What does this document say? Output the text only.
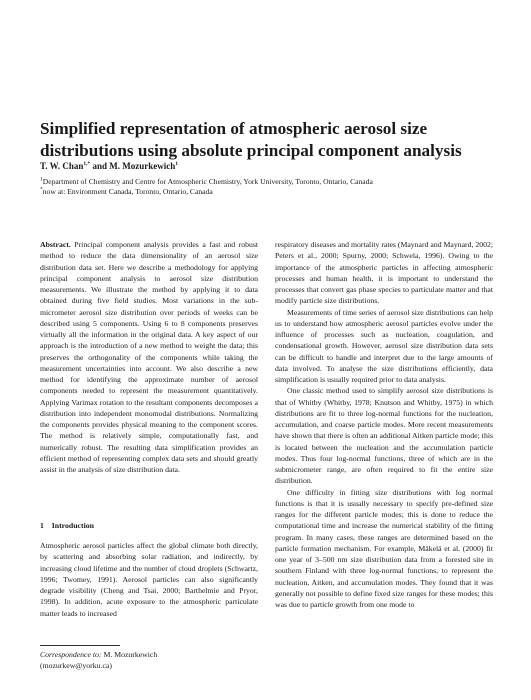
Simplified representation of atmospheric aerosol size distributions using absolute principal component analysis
T. W. Chan$^{1,*}$ and M. Mozurkewich$^1$
$^1$Department of Chemistry and Centre for Atmospheric Chemistry, York University, Toronto, Ontario, Canada
*now at: Environment Canada, Toronto, Ontario, Canada

Abstract. Principal component analysis provides a fast and robust method to reduce the data dimensionality of an aerosol size distribution data set. Here we describe a methodology for applying principal component analysis to aerosol size distribution measurements. We illustrate the method by applying it to data obtained during five field studies. Most variations in the sub-micrometer aerosol size distribution over periods of weeks can be described using 5 components. Using 6 to 8 components preserves virtually all the information in the original data. A key aspect of our approach is the introduction of a new method to weight the data; this preserves the orthogonality of the components while taking the measurement uncertainties into account. We also describe a new method for identifying the approximate number of aerosol components needed to represent the measurement quantitatively. Applying Varimax rotation to the resultant components decomposes a distribution into independent monomodal distributions. Normalizing the components provides physical meaning to the component scores. The method is relatively simple, computationally fast, and numerically robust. The resulting data simplification provides an efficient method of representing complex data sets and should greatly assist in the analysis of size distribution data.

1 Introduction

Atmospheric aerosol particles affect the global climate both directly, by scattering and absorbing solar radiation, and indirectly, by increasing cloud lifetime and the number of cloud droplets (Schwartz, 1996; Twomey, 1991). Aerosol particles can also significantly degrade visibility (Cheng and Tsai, 2000; Barthelmie and Pryor, 1998). In addition, acute exposure to the atmospheric particulate matter leads to increased

respiratory diseases and mortality rates (Maynard and Maynard, 2002; Peters et al., 2000; Spurny, 2000; Schwela, 1996). Owing to the importance of the atmospheric particles in affecting atmospheric processes and human health, it is important to understand the processes that convert gas phase species to particulate matter and that modify particle size distributions.

Measurements of time series of aerosol size distributions can help us to understand how atmospheric aerosol particles evolve under the influence of processes such as nucleation, coagulation, and condensational growth. However, aerosol size distribution data sets can be difficult to handle and interpret due to the large amounts of data involved. To analyse the size distributions efficiently, data simplification is usually required prior to data analysis.

One classic method used to simplify aerosol size distributions is that of Whitby (Whitby, 1978; Knutson and Whitby, 1975) in which distributions are fit to three log-normal functions for the nucleation, accumulation, and coarse particle modes. More recent measurements have shown that there is often an additional Aitken particle mode; this is located between the nucleation and the accumulation particle modes. Thus four log-normal functions, three of which are in the submicrometer range, are often required to fit the entire size distribution.

One difficulty in fitting size distributions with log normal functions is that it is usually necessary to specify pre-defined size ranges for the different particle modes; this is done to reduce the computational time and increase the numerical stability of the fitting program. In many cases, these ranges are determined based on the particle formation mechanism. For example, Mäkelä et al. (2000) fit one year of 3–500 nm size distribution data from a forested site in southern Finland with three log-normal functions, to represent the nucleation, Aitken, and accumulation modes. They found that it was generally not possible to define fixed size ranges for these modes; this was due to particle growth from one mode to

Correspondence to: M. Mozurkewich
(mozurkew@yorku.ca)
